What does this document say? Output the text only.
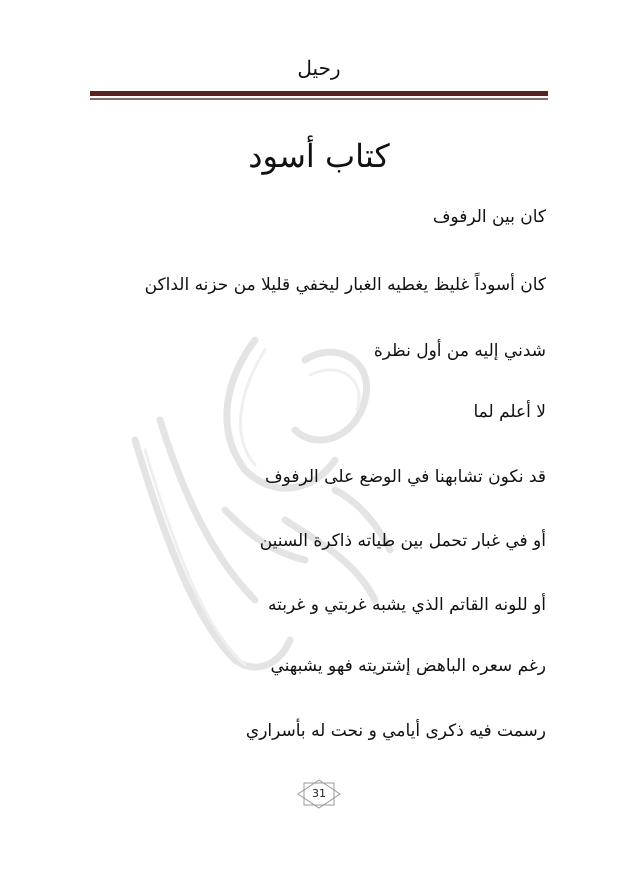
رحيل
كتاب أسود
كان بين الرفوف
كان أسوداً غليظ يغطيه الغبار ليخفي قليلا من حزنه الداكن
شدني إليه من أول نظرة
لا أعلم لما
قد نكون تشابهنا في الوضع على الرفوف
أو في غبار تحمل بين طياته ذاكرة السنين
أو للونه القاتم الذي يشبه غربتي و غربته
رغم سعره الباهض إشتريته فهو يشبهني
رسمت فيه ذكرى أيامي و نحت له بأسراري
31
